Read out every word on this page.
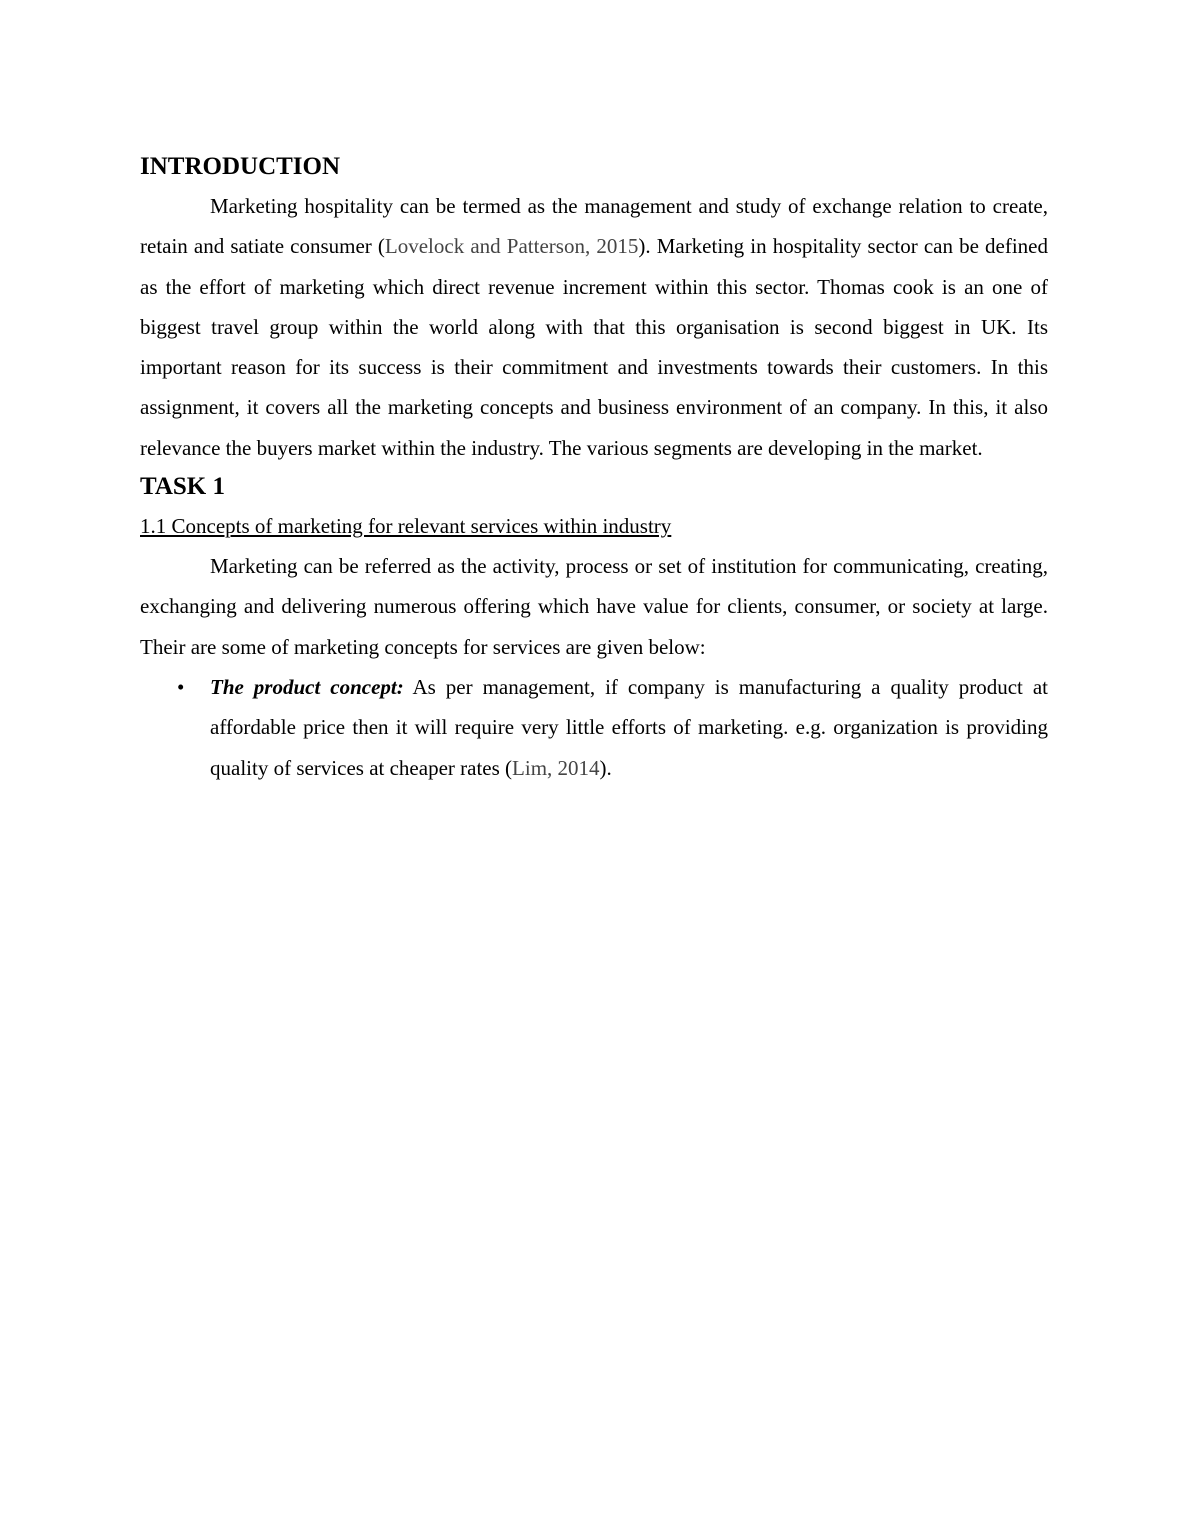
INTRODUCTION

Marketing hospitality can be termed as the management and study of exchange relation to create, retain and satiate consumer (Lovelock and Patterson, 2015). Marketing in hospitality sector can be defined as the effort of marketing which direct revenue increment within this sector. Thomas cook is an one of biggest travel group within the world along with that this organisation is second biggest in UK. Its important reason for its success is their commitment and investments towards their customers. In this assignment, it covers all the marketing concepts and business environment of an company. In this, it also relevance the buyers market within the industry. The various segments are developing in the market.

TASK 1

1.1 Concepts of marketing for relevant services within industry

Marketing can be referred as the activity, process or set of institution for communicating, creating, exchanging and delivering numerous offering which have value for clients, consumer, or society at large. Their are some of marketing concepts for services are given below:

• The product concept: As per management, if company is manufacturing a quality product at affordable price then it will require very little efforts of marketing. e.g. organization is providing quality of services at cheaper rates (Lim, 2014).
